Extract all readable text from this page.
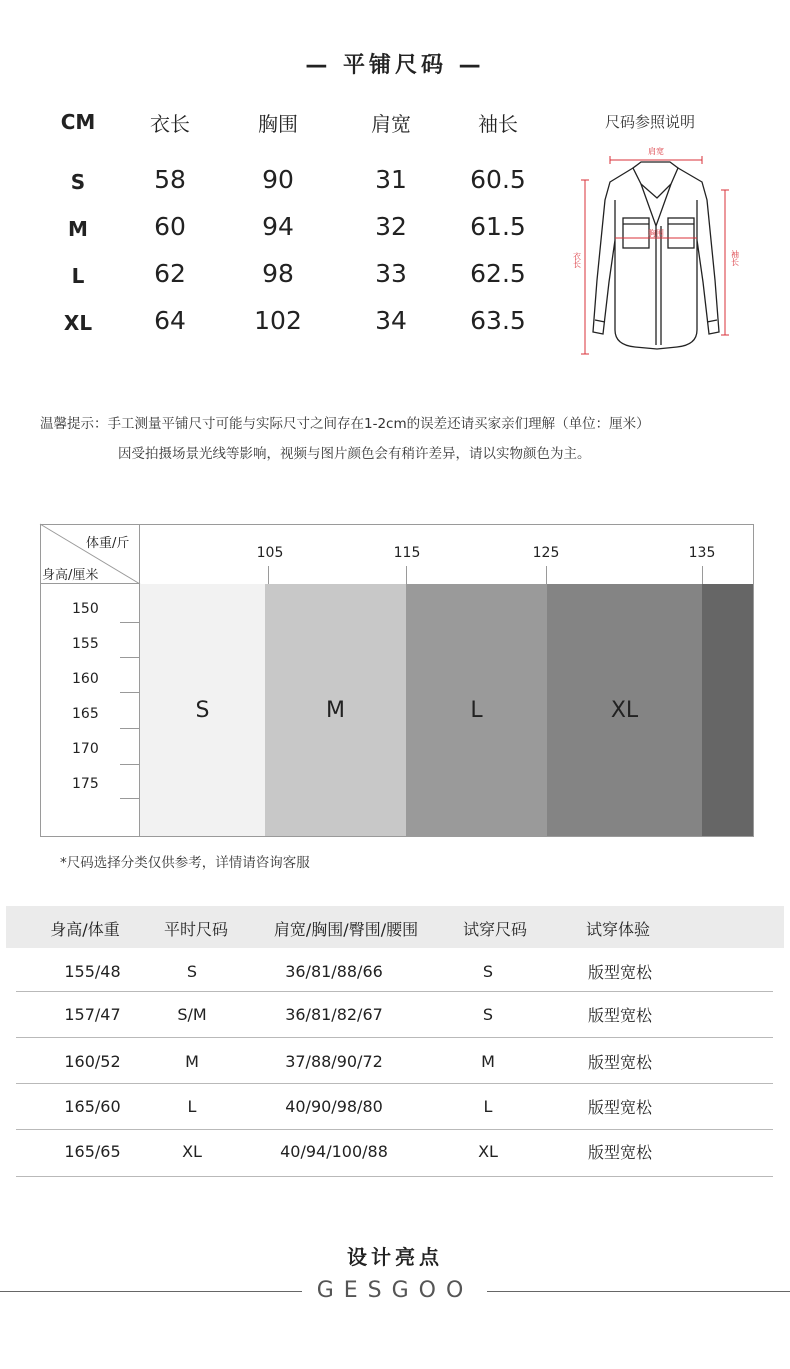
— 平铺尺码 —
CM	衣长	胸围	肩宽	袖长
S	58	90	31	60.5
M	60	94	32	61.5
L	62	98	33	62.5
XL	64	102	34	63.5
尺码参照说明
肩宽
胸围
衣长	袖长
温馨提示：手工测量平铺尺寸可能与实际尺寸之间存在1-2cm的误差还请买家亲们理解（单位：厘米）
因受拍摄场景光线等影响，视频与图片颜色会有稍许差异，请以实物颜色为主。
体重/斤
身高/厘米
105	115	125	135
150
155
160
165
170
175
S	M	L	XL
*尺码选择分类仅供参考，详情请咨询客服
身高/体重	平时尺码	肩宽/胸围/臀围/腰围	试穿尺码	试穿体验
155/48	S	36/81/88/66	S	版型宽松
157/47	S/M	36/81/82/67	S	版型宽松
160/52	M	37/88/90/72	M	版型宽松
165/60	L	40/90/98/80	L	版型宽松
165/65	XL	40/94/100/88	XL	版型宽松
设计亮点
GESGOO
